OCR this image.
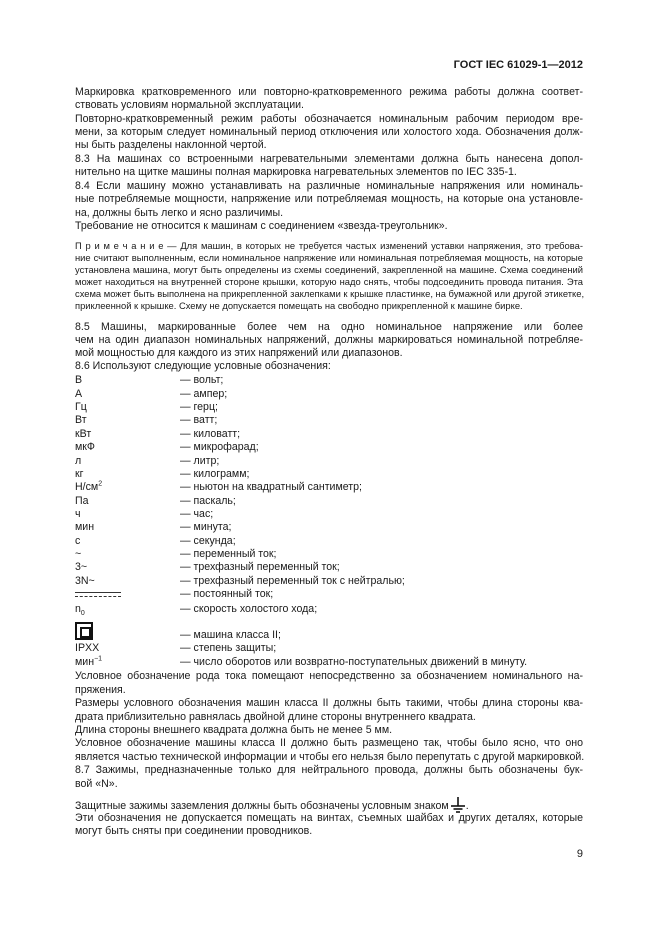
ГОСТ IEC 61029-1—2012
Маркировка кратковременного или повторно-кратковременного режима работы должна соответ-
ствовать условиям нормальной эксплуатации.
Повторно-кратковременный режим работы обозначается номинальным рабочим периодом вре-
мени, за которым следует номинальный период отключения или холостого хода. Обозначения долж-
ны быть разделены наклонной чертой.
8.3 На машинах со встроенными нагревательными элементами должна быть нанесена допол-
нительно на щитке машины полная маркировка нагревательных элементов по IEC 335-1.
8.4 Если машину можно устанавливать на различные номинальные напряжения или номиналь-
ные потребляемые мощности, напряжение или потребляемая мощность, на которые она установле-
на, должны быть легко и ясно различимы.
Требование не относится к машинам с соединением «звезда-треугольник».
П р и м е ч а н и е — Для машин, в которых не требуется частых изменений уставки напряжения, это требова-
ние считают выполненным, если номинальное напряжение или номинальная потребляемая мощность, на которые
установлена машина, могут быть определены из схемы соединений, закрепленной на машине. Схема соединений
может находиться на внутренней стороне крышки, которую надо снять, чтобы подсоединить провода питания. Эта
схема может быть выполнена на прикрепленной заклепками к крышке пластинке, на бумажной или другой этикетке,
приклеенной к крышке. Схему не допускается помещать на свободно прикрепленной к машине бирке.
8.5 Машины, маркированные более чем на одно номинальное напряжение или более
чем на один диапазон номинальных напряжений, должны маркироваться номинальной потребляе-
мой мощностью для каждого из этих напряжений или диапазонов.
8.6 Используют следующие условные обозначения:
В	— вольт;
А	— ампер;
Гц	— герц;
Вт	— ватт;
кВт	— киловатт;
мкФ	— микрофарад;
л	— литр;
кг	— килограмм;
$Н/см^2$	— ньютон на квадратный сантиметр;
Па	— паскаль;
ч	— час;
мин	— минута;
с	— секунда;
~	— переменный ток;
3~	— трехфазный переменный ток;
3N~	— трехфазный переменный ток с нейтралью;
— постоянный ток;
$n_0$	— скорость холостого хода;
— машина класса II;
IPXX	— степень защиты;
мин$^{-1}$	— число оборотов или возвратно-поступательных движений в минуту.
Условное обозначение рода тока помещают непосредственно за обозначением номинального на-
пряжения.
Размеры условного обозначения машин класса II должны быть такими, чтобы длина стороны ква-
драта приблизительно равнялась двойной длине стороны внутреннего квадрата.
Длина стороны внешнего квадрата должна быть не менее 5 мм.
Условное обозначение машины класса II должно быть размещено так, чтобы было ясно, что оно
является частью технической информации и чтобы его нельзя было перепутать с другой маркировкой.
8.7 Зажимы, предназначенные только для нейтрального провода, должны быть обозначены бук-
вой «N».
Защитные зажимы заземления должны быть обозначены условным знаком .
Эти обозначения не допускается помещать на винтах, съемных шайбах и других деталях, которые
могут быть сняты при соединении проводников.
9
